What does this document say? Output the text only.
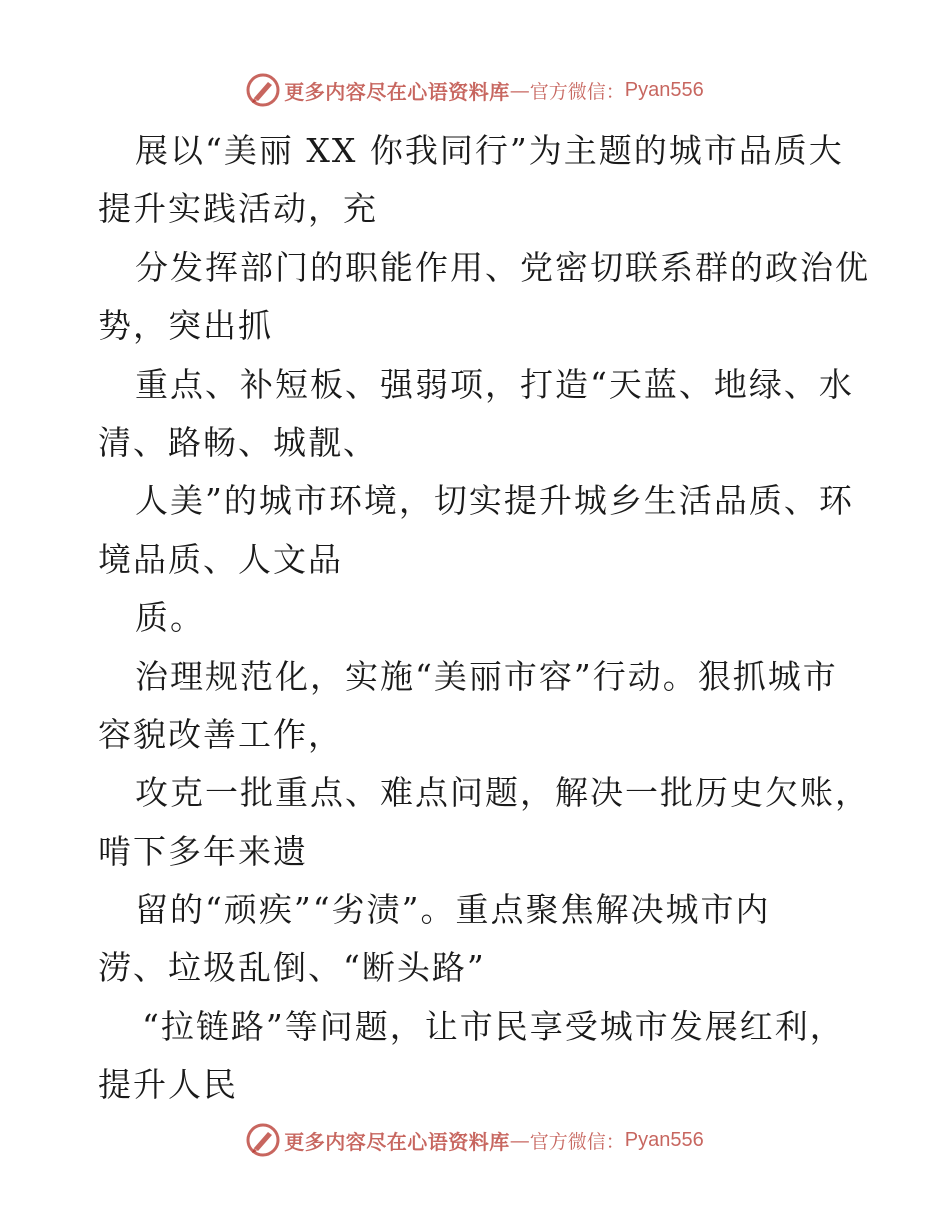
更多内容尽在心语资料库 — 官方微信： Pyan556
展以“美丽 XX 你我同行”为主题的城市品质大
提升实践活动，充
分发挥部门的职能作用、党密切联系群的政治优
势，突出抓
重点、补短板、强弱项，打造“天蓝、地绿、水
清、路畅、城靓、
人美”的城市环境，切实提升城乡生活品质、环
境品质、人文品
质。
治理规范化，实施“美丽市容”行动。狠抓城市
容貌改善工作，
攻克一批重点、难点问题，解决一批历史欠账，
啃下多年来遗
留的“顽疾”“劣渍”。重点聚焦解决城市内
涝、垃圾乱倒、“断头路”
“拉链路”等问题，让市民享受城市发展红利，
提升人民
更多内容尽在心语资料库 — 官方微信： Pyan556
